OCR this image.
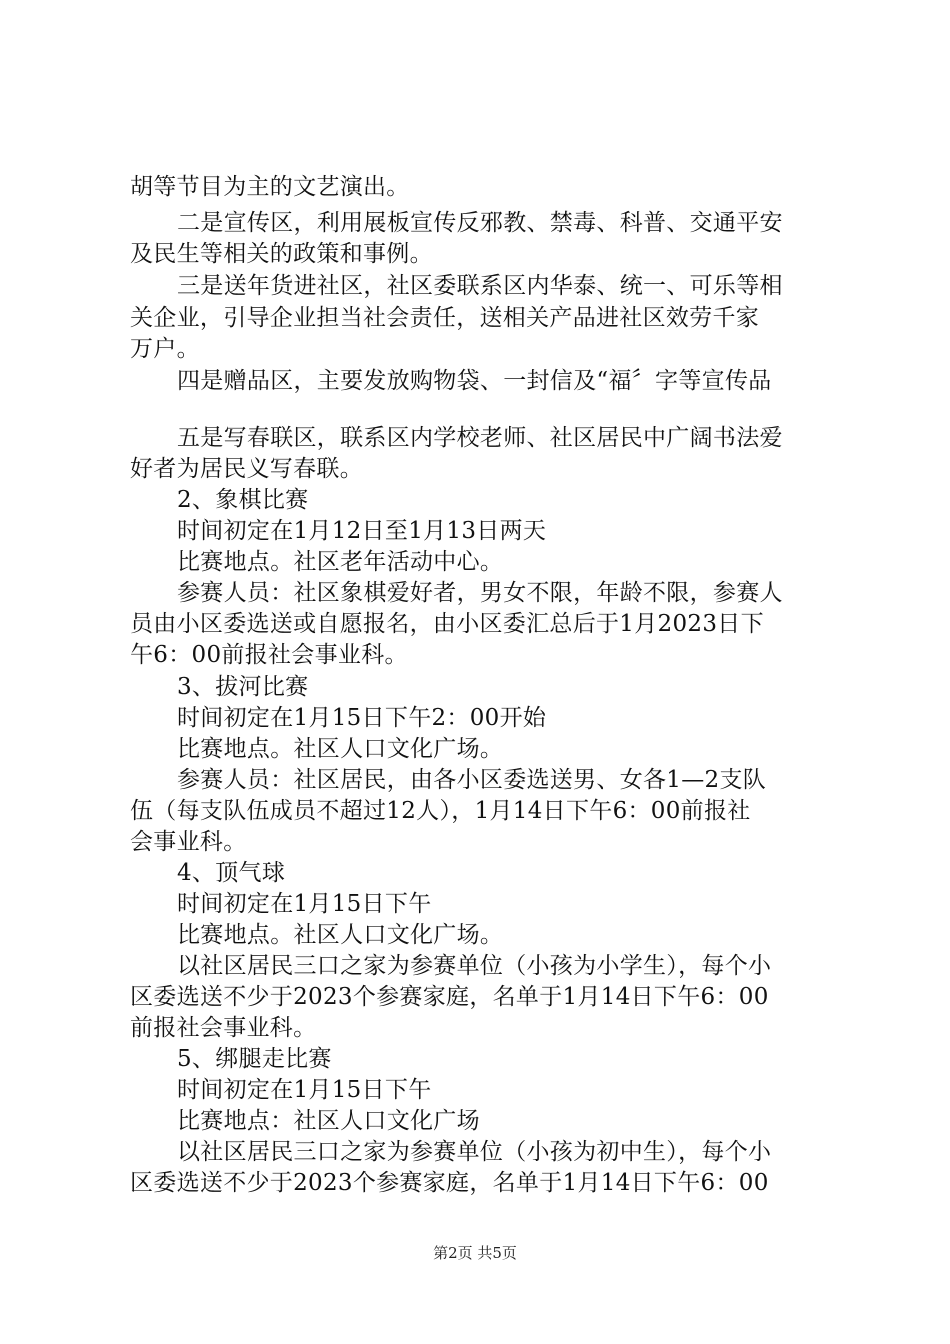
胡等节目为主的文艺演出。
二是宣传区，利用展板宣传反邪教、禁毒、科普、交通平安
及民生等相关的政策和事例。
三是送年货进社区，社区委联系区内华泰、统一、可乐等相
关企业，引导企业担当社会责任，送相关产品进社区效劳千家
万户。
四是赠品区，主要发放购物袋、一封信及“福〞字等宣传品
五是写春联区，联系区内学校老师、社区居民中广阔书法爱
好者为居民义写春联。
2、象棋比赛
时间初定在1月12日至1月13日两天
比赛地点。社区老年活动中心。
参赛人员：社区象棋爱好者，男女不限，年龄不限，参赛人
员由小区委选送或自愿报名，由小区委汇总后于1月2023日下
午6：00前报社会事业科。
3、拔河比赛
时间初定在1月15日下午2：00开始
比赛地点。社区人口文化广场。
参赛人员：社区居民，由各小区委选送男、女各1—2支队
伍（每支队伍成员不超过12人），1月14日下午6：00前报社
会事业科。
4、顶气球
时间初定在1月15日下午
比赛地点。社区人口文化广场。
以社区居民三口之家为参赛单位（小孩为小学生），每个小
区委选送不少于2023个参赛家庭，名单于1月14日下午6：00
前报社会事业科。
5、绑腿走比赛
时间初定在1月15日下午
比赛地点：社区人口文化广场
以社区居民三口之家为参赛单位（小孩为初中生），每个小
区委选送不少于2023个参赛家庭，名单于1月14日下午6：00
第2页 共5页
